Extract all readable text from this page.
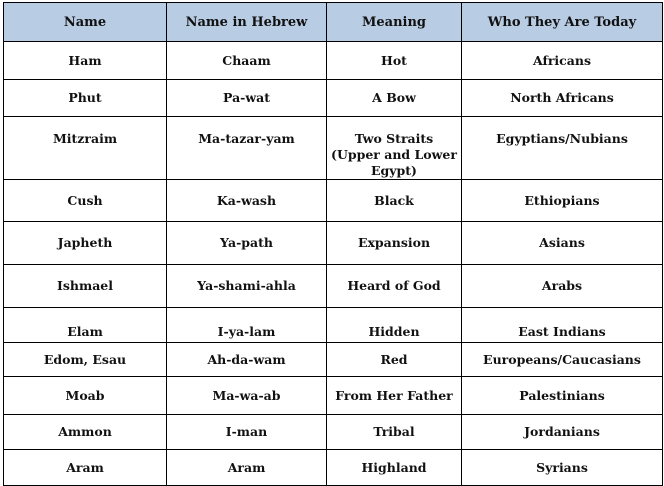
Name	Name in Hebrew	Meaning	Who They Are Today
Ham	Chaam	Hot	Africans
Phut	Pa-wat	A Bow	North Africans
Mitzraim	Ma-tazar-yam	Two Straits (Upper and Lower Egypt)	Egyptians/Nubians
Cush	Ka-wash	Black	Ethiopians
Japheth	Ya-path	Expansion	Asians
Ishmael	Ya-shami-ahla	Heard of God	Arabs
Elam	I-ya-lam	Hidden	East Indians
Edom, Esau	Ah-da-wam	Red	Europeans/Caucasians
Moab	Ma-wa-ab	From Her Father	Palestinians
Ammon	I-man	Tribal	Jordanians
Aram	Aram	Highland	Syrians
